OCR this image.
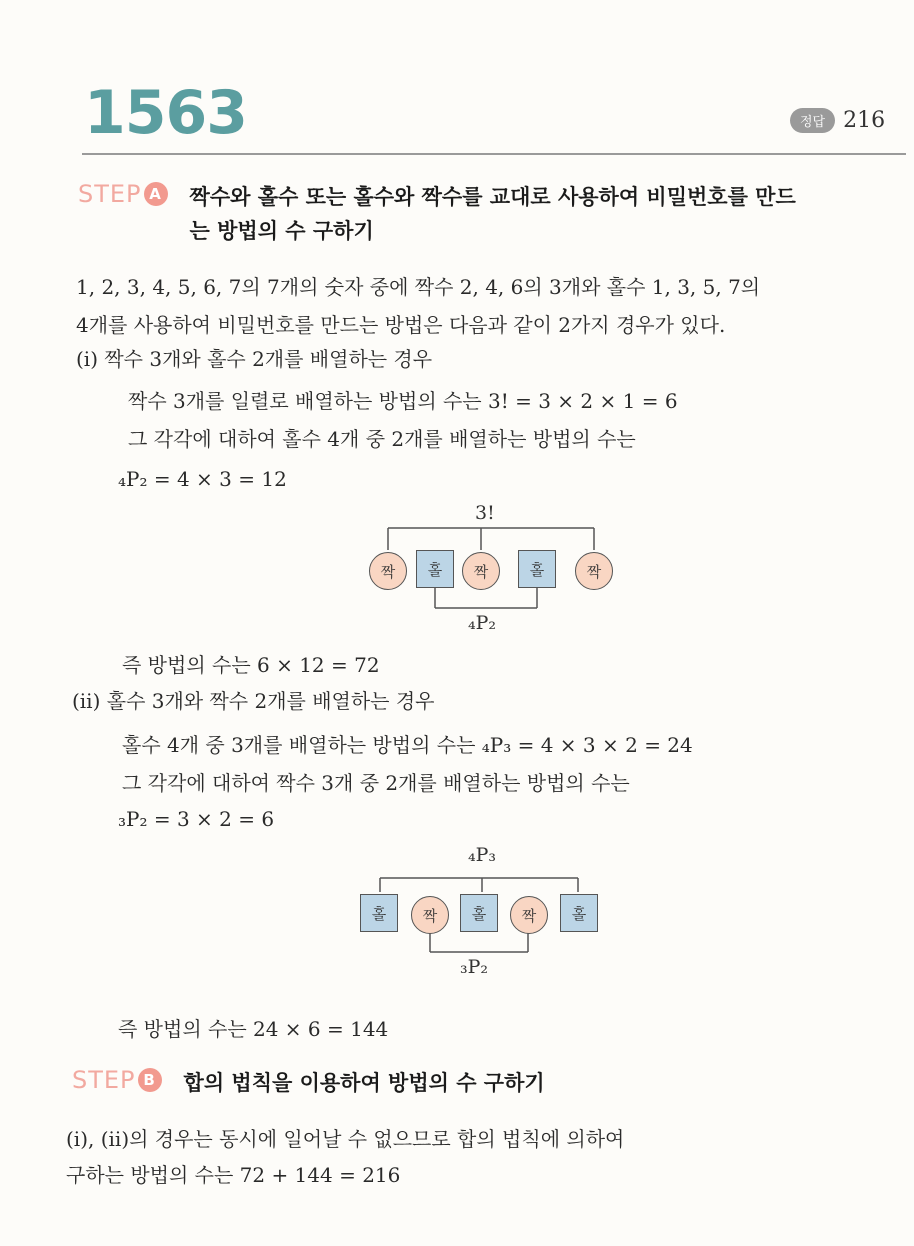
1563	정답 216
STEP A 짝수와 홀수 또는 홀수와 짝수를 교대로 사용하여 비밀번호를 만드
는 방법의 수 구하기
1, 2, 3, 4, 5, 6, 7의 7개의 숫자 중에 짝수 2, 4, 6의 3개와 홀수 1, 3, 5, 7의
4개를 사용하여 비밀번호를 만드는 방법은 다음과 같이 2가지 경우가 있다.
(ⅰ) 짝수 3개와 홀수 2개를 배열하는 경우
짝수 3개를 일렬로 배열하는 방법의 수는 3! = 3 × 2 × 1 = 6
그 각각에 대하여 홀수 4개 중 2개를 배열하는 방법의 수는
₄P₂ = 4 × 3 = 12
3!
짝	홀	짝	홀	짝
₄P₂
즉 방법의 수는 6 × 12 = 72
(ⅱ) 홀수 3개와 짝수 2개를 배열하는 경우
홀수 4개 중 3개를 배열하는 방법의 수는 ₄P₃ = 4 × 3 × 2 = 24
그 각각에 대하여 짝수 3개 중 2개를 배열하는 방법의 수는
₃P₂ = 3 × 2 = 6
₄P₃
홀	짝	홀	짝	홀
₃P₂
즉 방법의 수는 24 × 6 = 144
STEP B 합의 법칙을 이용하여 방법의 수 구하기
(ⅰ), (ⅱ)의 경우는 동시에 일어날 수 없으므로 합의 법칙에 의하여
구하는 방법의 수는 72 + 144 = 216
